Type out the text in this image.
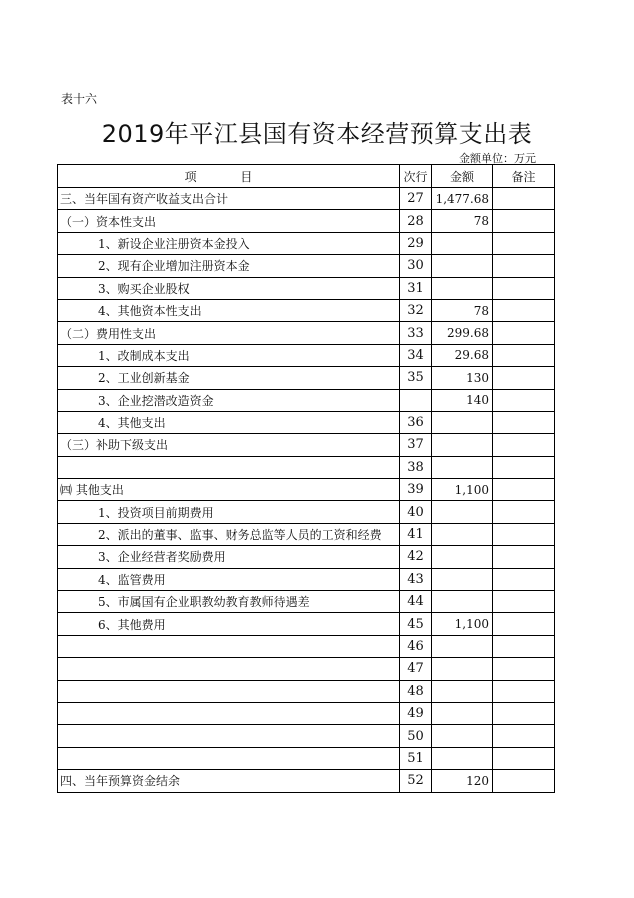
表十六
2019年平江县国有资本经营预算支出表
金额单位：万元
项 目	次行	金额	备注
三、当年国有资产收益支出合计	27	1,477.68	
（一）资本性支出	28	78	
1、新设企业注册资本金投入	29		
2、现有企业增加注册资本金	30		
3、购买企业股权	31		
4、其他资本性支出	32	78	
（二）费用性支出	33	299.68	
1、改制成本支出	34	29.68	
2、工业创新基金	35	130	
3、企业挖潜改造资金		140	
4、其他支出	36		
（三）补助下级支出	37		
	38		
㈣ 其他支出	39	1,100	
1、投资项目前期费用	40		
2、派出的董事、监事、财务总监等人员的工资和经费	41		
3、企业经营者奖励费用	42		
4、监管费用	43		
5、市属国有企业职教幼教育教师待遇差	44		
6、其他费用	45	1,100	
	46		
	47		
	48		
	49		
	50		
	51		
四、当年预算资金结余	52	120	
